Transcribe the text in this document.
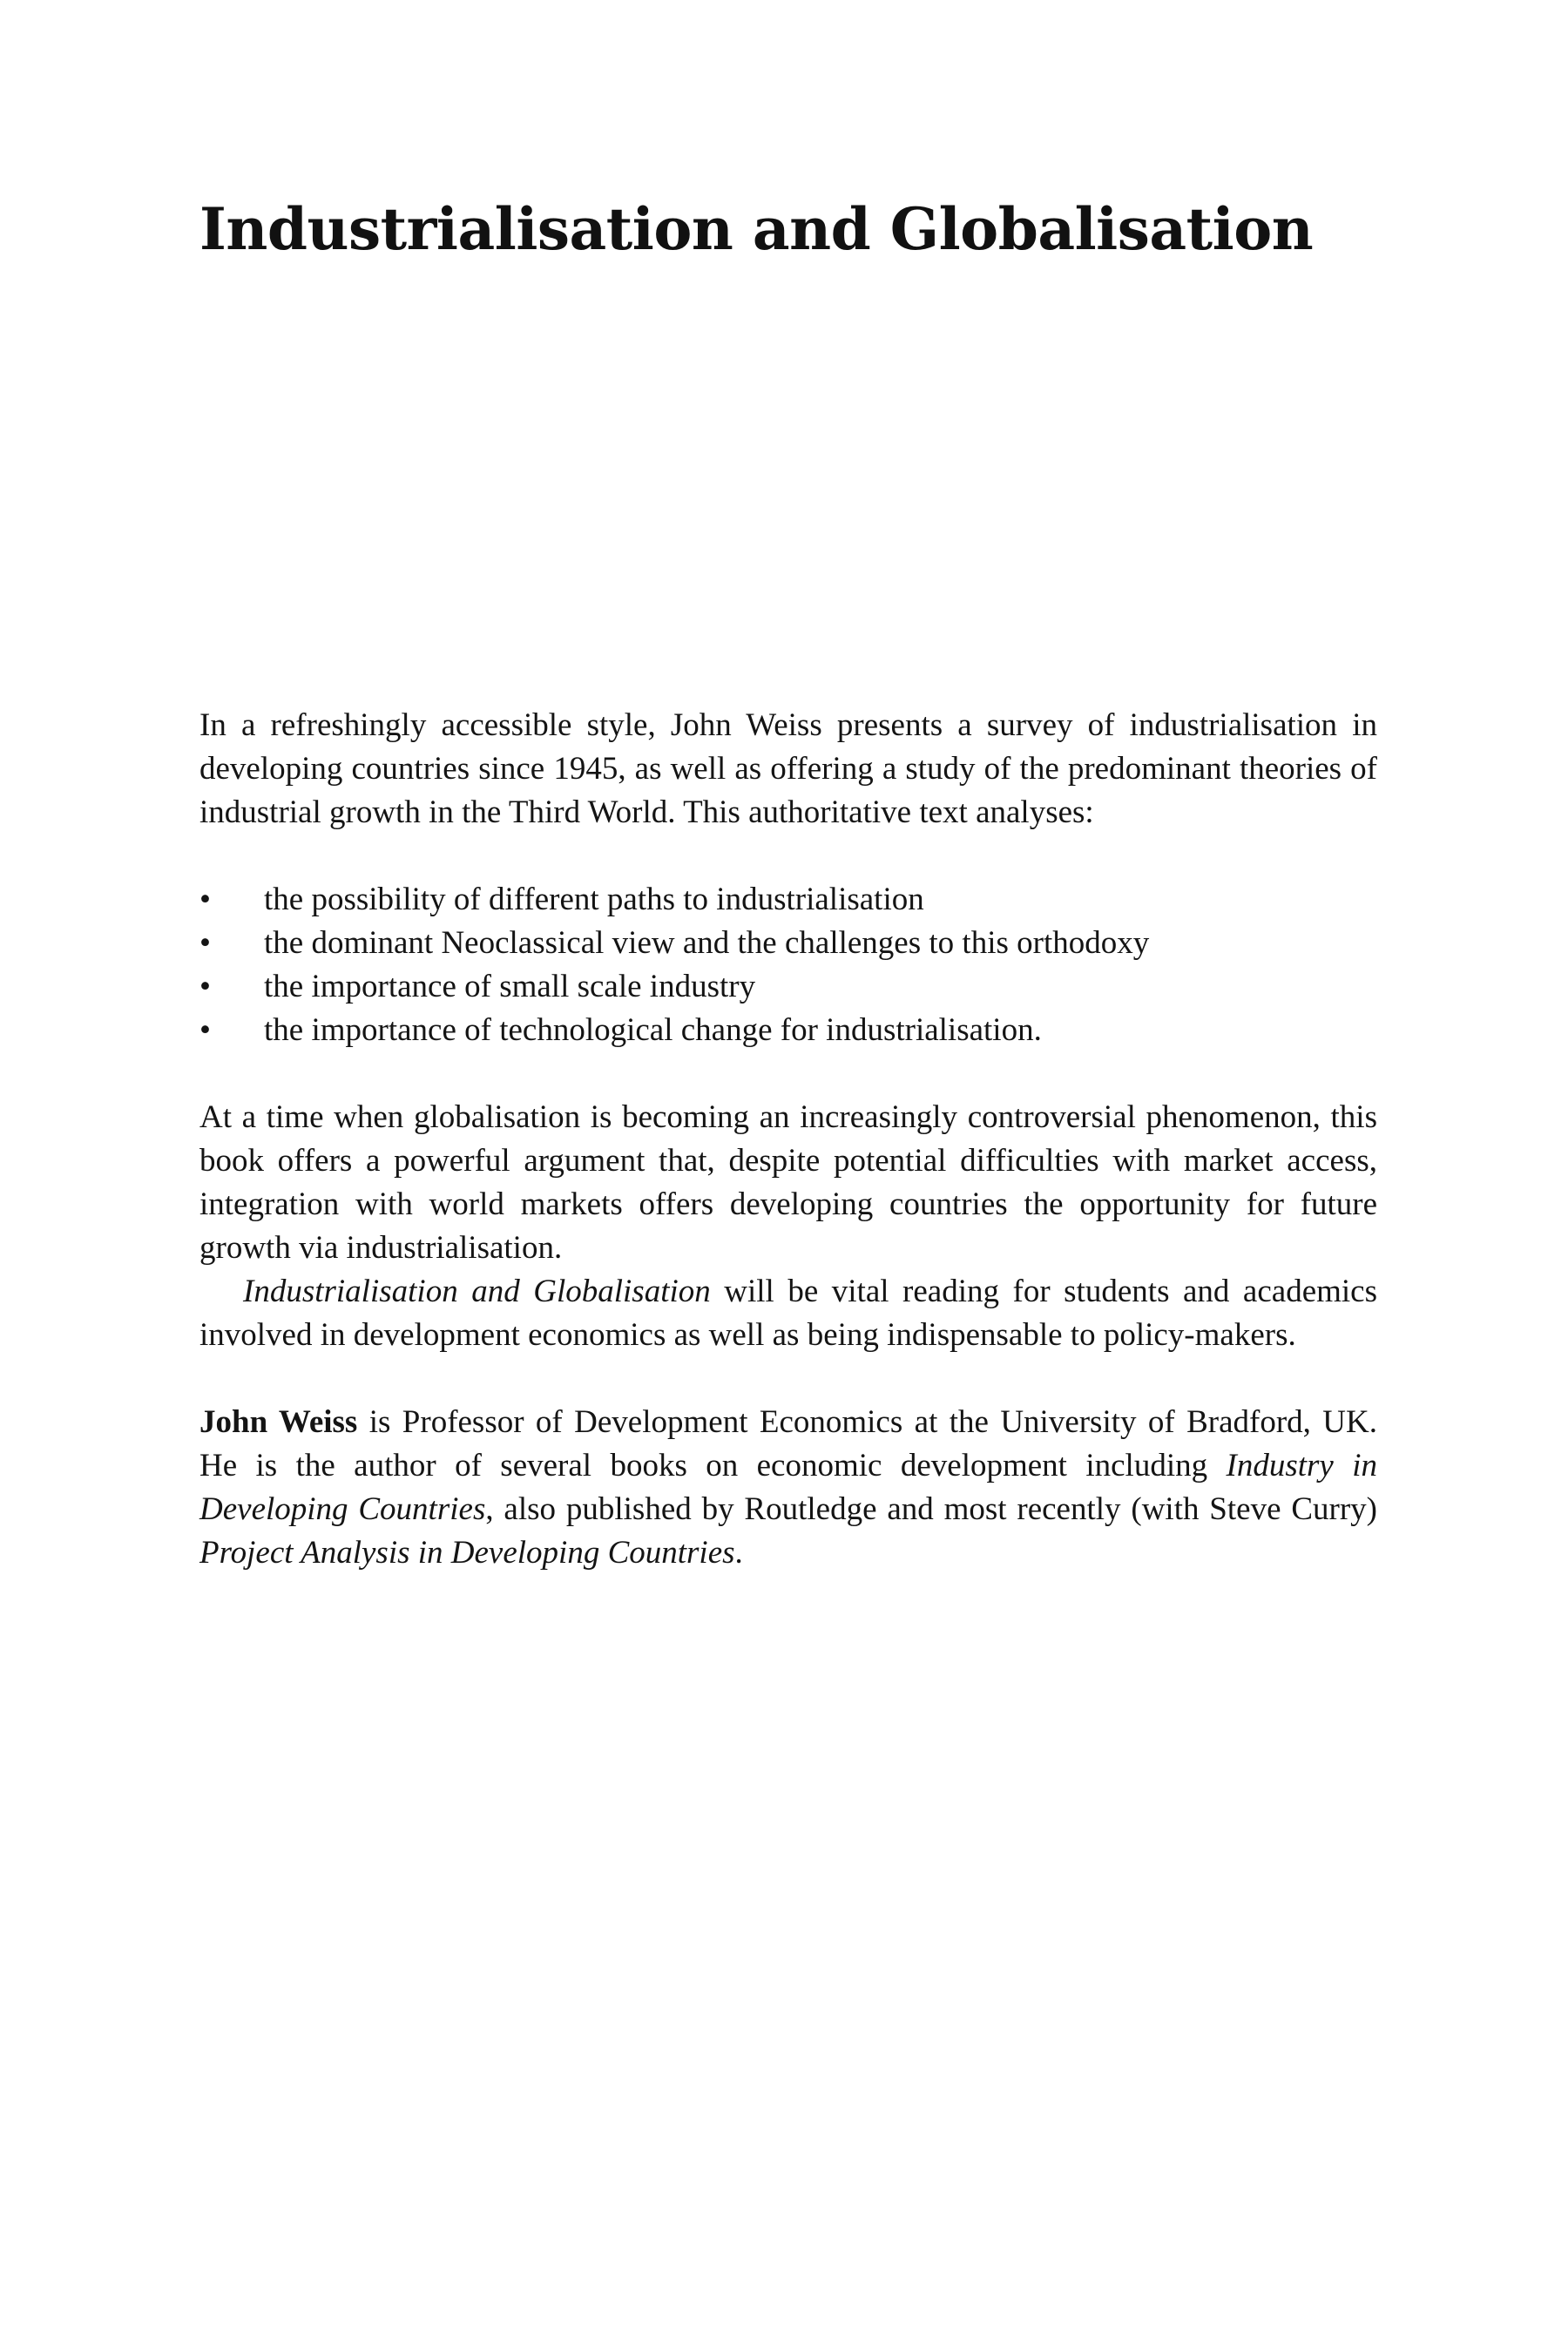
Industrialisation and Globalisation

In a refreshingly accessible style, John Weiss presents a survey of industrialisation in developing countries since 1945, as well as offering a study of the predominant theories of industrial growth in the Third World. This authoritative text analyses:

•	the possibility of different paths to industrialisation
•	the dominant Neoclassical view and the challenges to this orthodoxy
•	the importance of small scale industry
•	the importance of technological change for industrialisation.

At a time when globalisation is becoming an increasingly controversial phenomenon, this book offers a powerful argument that, despite potential difficulties with market access, integration with world markets offers developing countries the opportunity for future growth via industrialisation.

Industrialisation and Globalisation will be vital reading for students and academics involved in development economics as well as being indispensable to policy-makers.

John Weiss is Professor of Development Economics at the University of Bradford, UK. He is the author of several books on economic development including Industry in Developing Countries, also published by Routledge and most recently (with Steve Curry) Project Analysis in Developing Countries.
